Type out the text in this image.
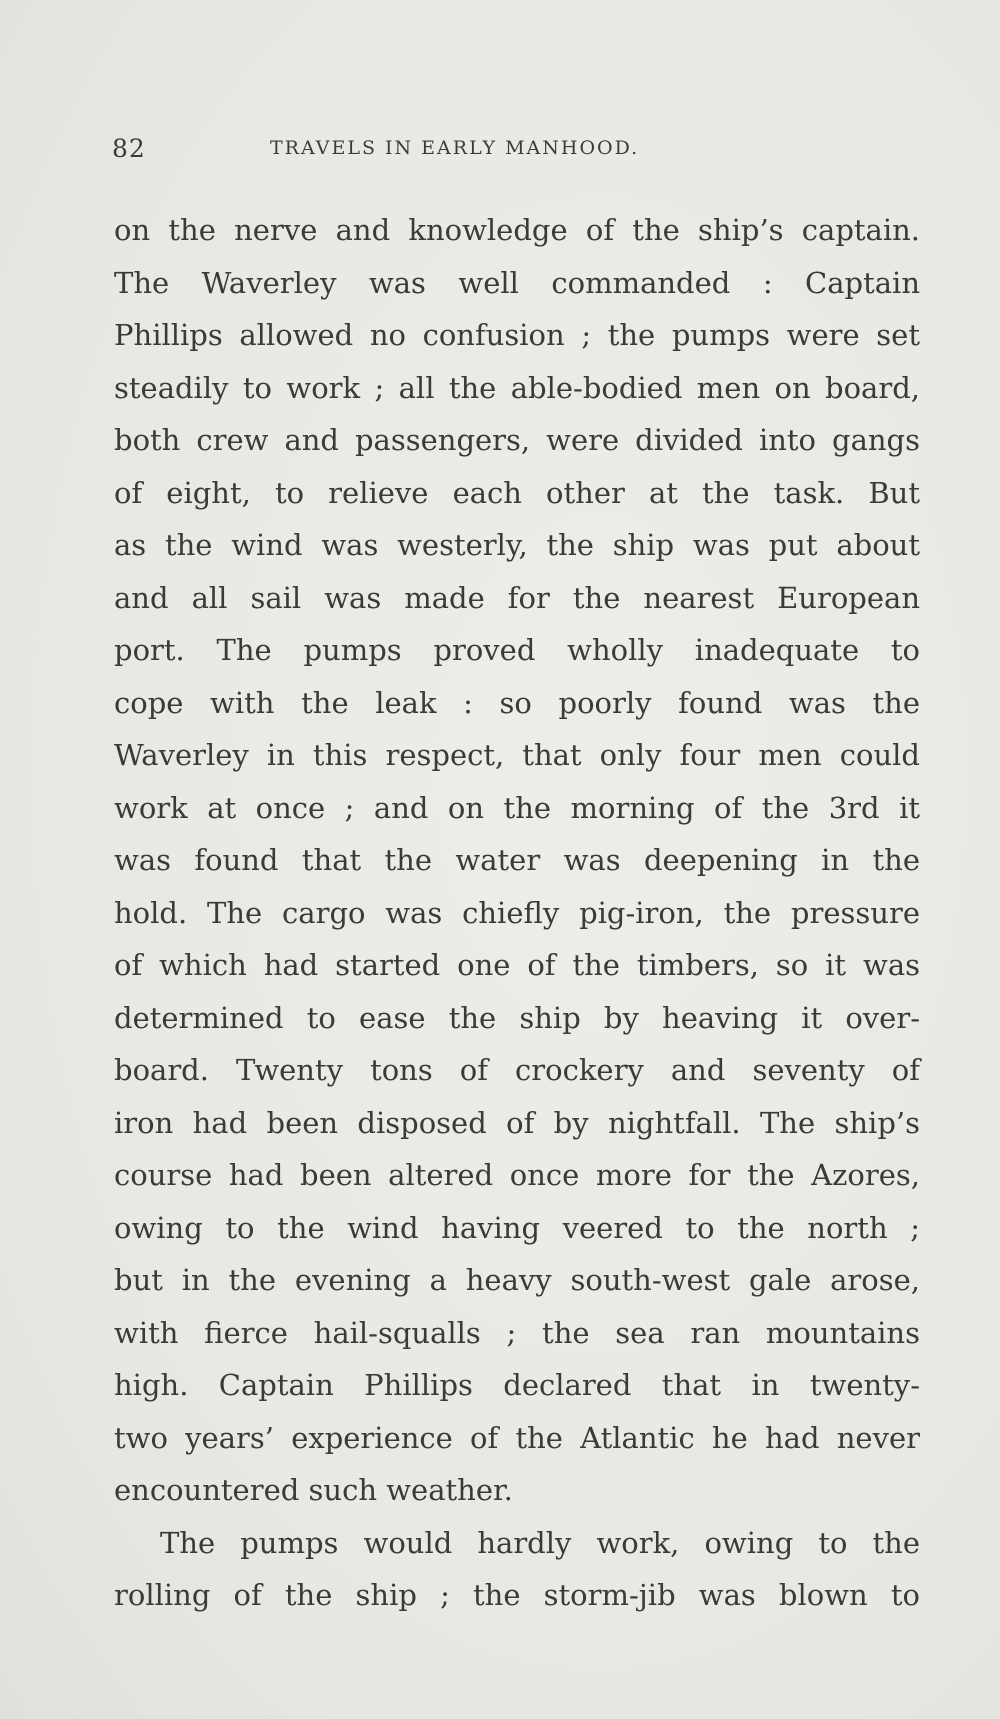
82	TRAVELS IN EARLY MANHOOD.
on the nerve and knowledge of the ship’s captain.
The Waverley was well commanded : Captain
Phillips allowed no confusion ; the pumps were set
steadily to work ; all the able-bodied men on board,
both crew and passengers, were divided into gangs
of eight, to relieve each other at the task. But
as the wind was westerly, the ship was put about
and all sail was made for the nearest European
port. The pumps proved wholly inadequate to
cope with the leak : so poorly found was the
Waverley in this respect, that only four men could
work at once ; and on the morning of the 3rd it
was found that the water was deepening in the
hold. The cargo was chiefly pig-iron, the pressure
of which had started one of the timbers, so it was
determined to ease the ship by heaving it over-
board. Twenty tons of crockery and seventy of
iron had been disposed of by nightfall. The ship’s
course had been altered once more for the Azores,
owing to the wind having veered to the north ;
but in the evening a heavy south-west gale arose,
with fierce hail-squalls ; the sea ran mountains
high. Captain Phillips declared that in twenty-
two years’ experience of the Atlantic he had never
encountered such weather.
The pumps would hardly work, owing to the
rolling of the ship ; the storm-jib was blown to
